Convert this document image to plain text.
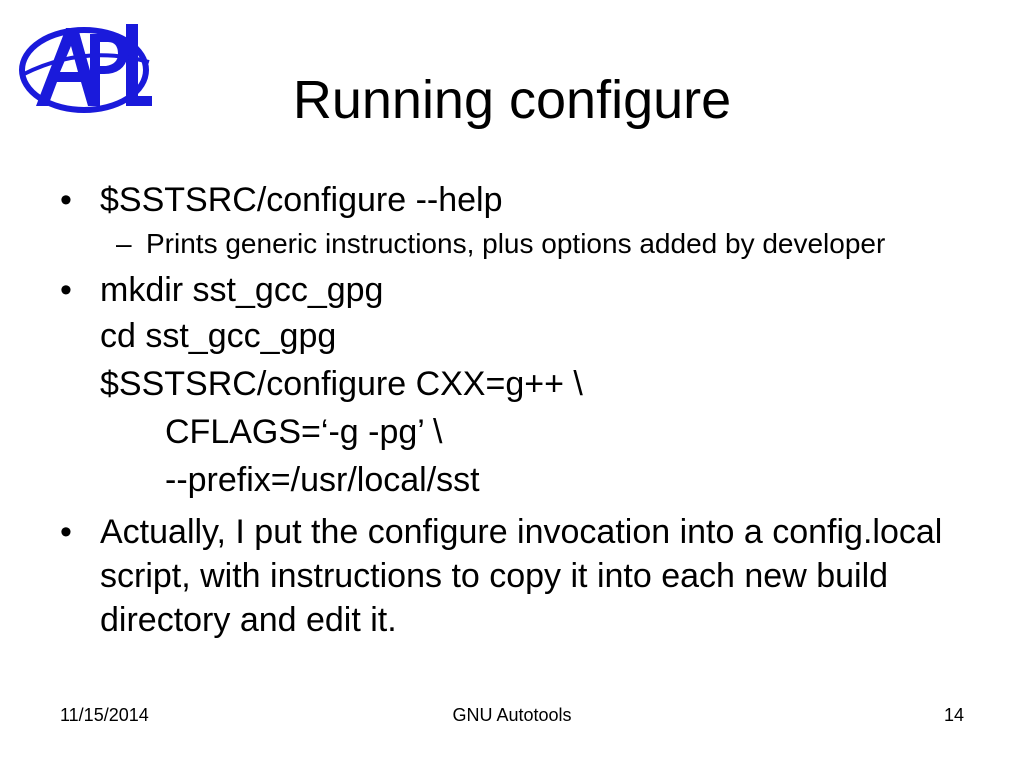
Running configure
• $SSTSRC/configure --help
– Prints generic instructions, plus options added by developer
• mkdir sst_gcc_gpg
cd sst_gcc_gpg
$SSTSRC/configure CXX=g++ \
CFLAGS=‘-g -pg’ \
--prefix=/usr/local/sst
• Actually, I put the configure invocation into a config.local script, with instructions to copy it into each new build directory and edit it.
11/15/2014	GNU Autotools	14
